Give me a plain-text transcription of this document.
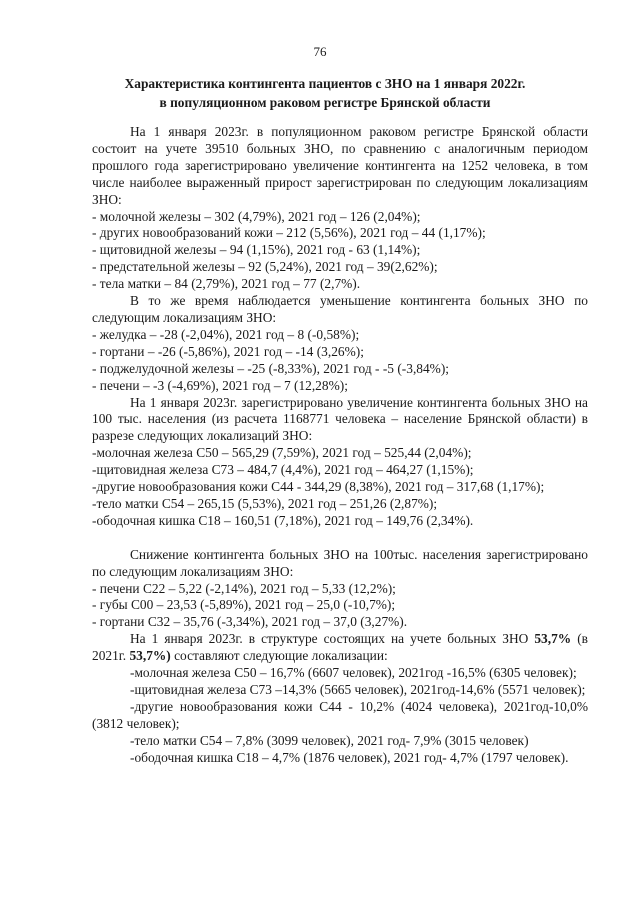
76
Характеристика контингента пациентов с ЗНО на 1 января 2022г.
в популяционном раковом регистре Брянской области

На 1 января 2023г. в популяционном раковом регистре Брянской области состоит на учете 39510 больных ЗНО, по сравнению с аналогичным периодом прошлого года зарегистрировано увеличение контингента на 1252 человека, в том числе наиболее выраженный прирост зарегистрирован по следующим локализациям ЗНО:

- молочной железы – 302 (4,79%), 2021 год – 126 (2,04%);

- других новообразований кожи – 212 (5,56%), 2021 год – 44 (1,17%);

- щитовидной железы – 94 (1,15%), 2021 год - 63 (1,14%);

- предстательной железы – 92 (5,24%), 2021 год – 39(2,62%);

- тела матки – 84 (2,79%), 2021 год – 77 (2,7%).

В то же время наблюдается уменьшение контингента больных ЗНО по следующим локализациям ЗНО:

- желудка – -28 (-2,04%), 2021 год – 8 (-0,58%);

- гортани – -26 (-5,86%), 2021 год – -14 (3,26%);

- поджелудочной железы – -25 (-8,33%), 2021 год - -5 (-3,84%);

- печени – -3 (-4,69%), 2021 год – 7 (12,28%);

На 1 января 2023г. зарегистрировано увеличение контингента больных ЗНО на 100 тыс. населения (из расчета 1168771 человека – население Брянской области) в разрезе следующих локализаций ЗНО:

-молочная железа С50 – 565,29 (7,59%), 2021 год – 525,44 (2,04%);

-щитовидная железа С73 – 484,7 (4,4%), 2021 год – 464,27 (1,15%);

-другие новообразования кожи С44 - 344,29 (8,38%), 2021 год – 317,68 (1,17%);

-тело матки С54 – 265,15 (5,53%), 2021 год – 251,26 (2,87%);

-ободочная кишка С18 – 160,51 (7,18%), 2021 год – 149,76 (2,34%).

Снижение контингента больных ЗНО на 100тыс. населения зарегистрировано по следующим локализациям ЗНО:

- печени С22 – 5,22 (-2,14%), 2021 год – 5,33 (12,2%);

- губы С00 – 23,53 (-5,89%), 2021 год – 25,0 (-10,7%);

- гортани С32 – 35,76 (-3,34%), 2021 год – 37,0 (3,27%).

На 1 января 2023г. в структуре состоящих на учете больных ЗНО 53,7% (в 2021г. 53,7%) составляют следующие локализации:

-молочная железа С50 – 16,7% (6607 человек), 2021год -16,5% (6305 человек);

-щитовидная железа С73 –14,3% (5665 человек), 2021год-14,6% (5571 человек);

-другие новообразования кожи С44 - 10,2% (4024 человека), 2021год-10,0% (3812 человек);

-тело матки С54 – 7,8% (3099 человек), 2021 год- 7,9% (3015 человек)

-ободочная кишка С18 – 4,7% (1876 человек), 2021 год- 4,7% (1797 человек).
